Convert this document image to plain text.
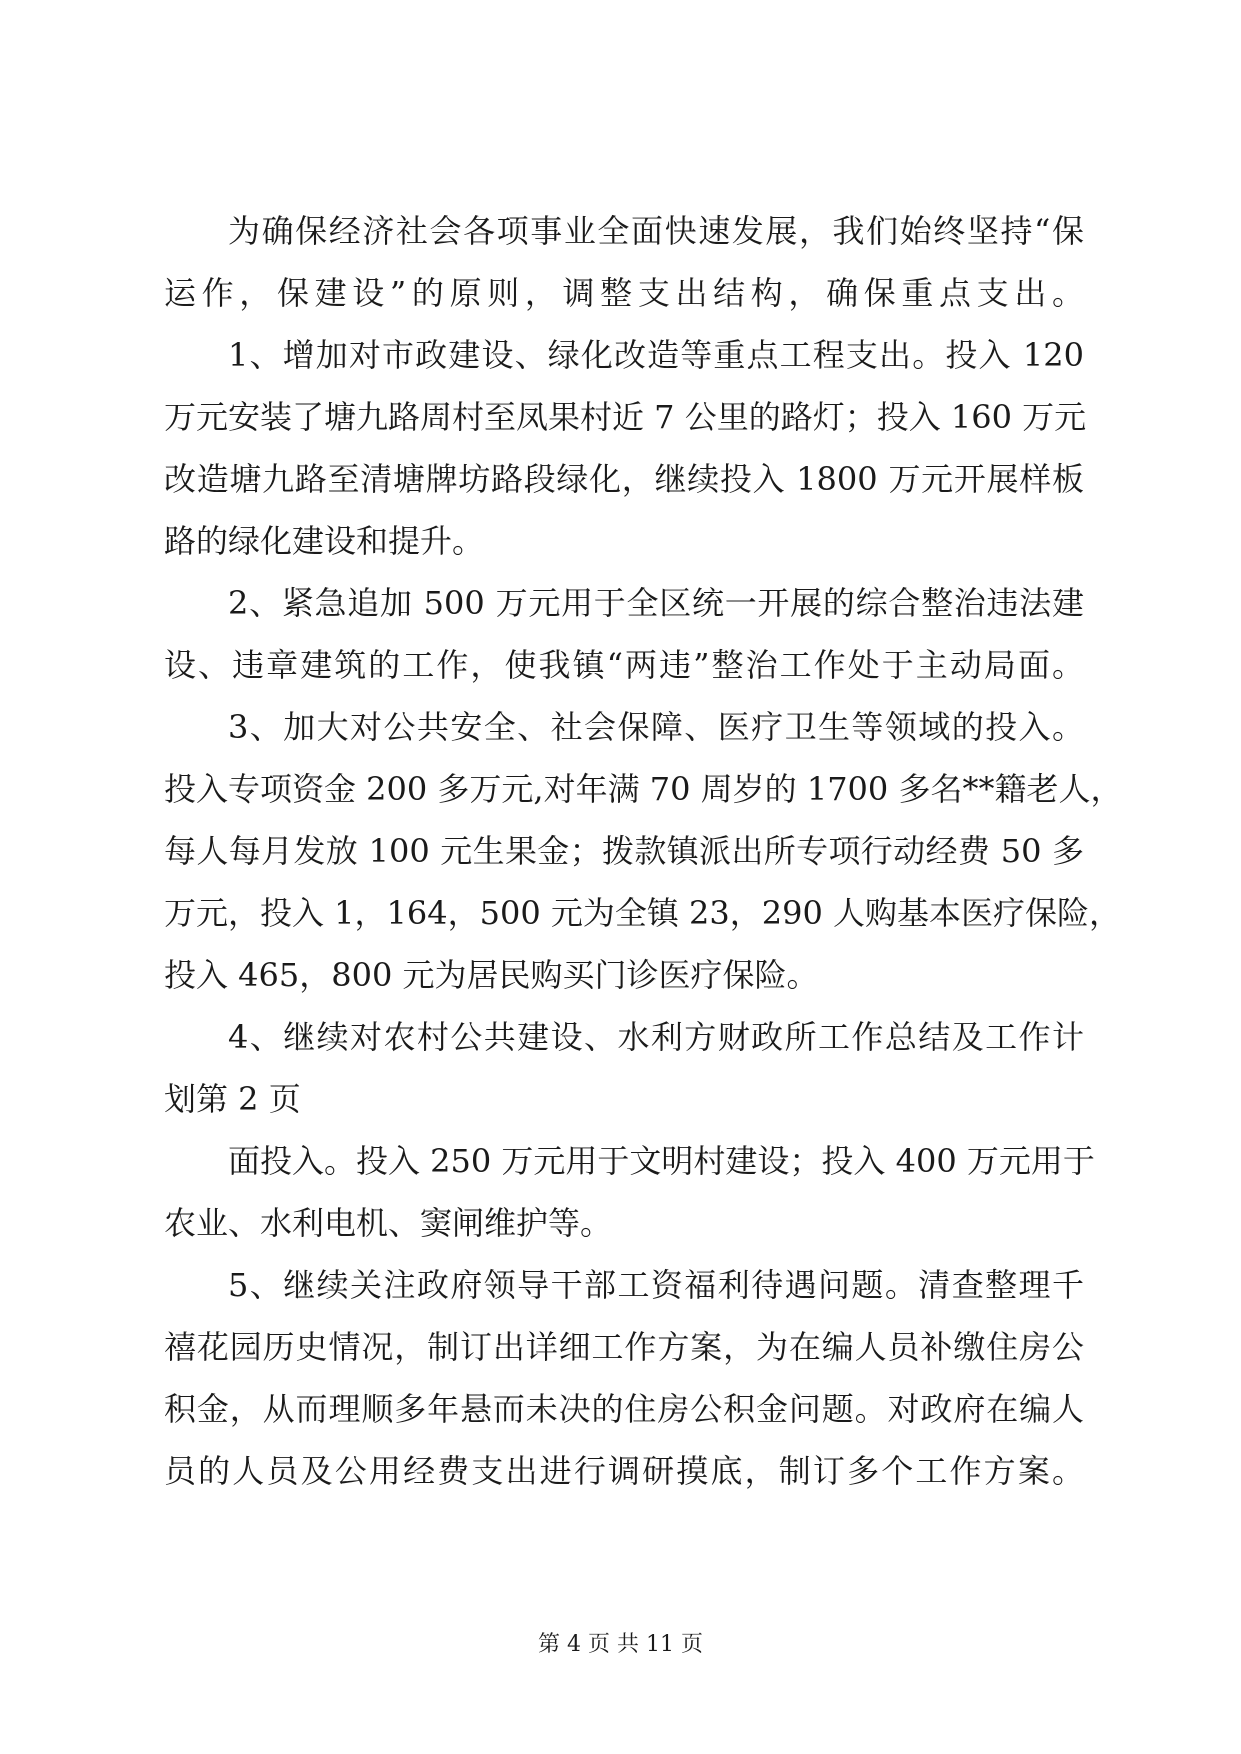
为确保经济社会各项事业全面快速发展，我们始终坚持“保
运作，保建设”的原则，调整支出结构，确保重点支出。
1、增加对市政建设、绿化改造等重点工程支出。投入 120
万元安装了塘九路周村至凤果村近 7 公里的路灯；投入 160 万元
改造塘九路至清塘牌坊路段绿化，继续投入 1800 万元开展样板
路的绿化建设和提升。
2、紧急追加 500 万元用于全区统一开展的综合整治违法建
设、违章建筑的工作，使我镇“两违”整治工作处于主动局面。
3、加大对公共安全、社会保障、医疗卫生等领域的投入。
投入专项资金 200 多万元,对年满 70 周岁的 1700 多名**籍老人，
每人每月发放 100 元生果金；拨款镇派出所专项行动经费 50 多
万元，投入 1，164，500 元为全镇 23，290 人购基本医疗保险，
投入 465，800 元为居民购买门诊医疗保险。
4、继续对农村公共建设、水利方财政所工作总结及工作计
划第 2 页
面投入。投入 250 万元用于文明村建设；投入 400 万元用于
农业、水利电机、窦闸维护等。
5、继续关注政府领导干部工资福利待遇问题。清查整理千
禧花园历史情况，制订出详细工作方案，为在编人员补缴住房公
积金，从而理顺多年悬而未决的住房公积金问题。对政府在编人
员的人员及公用经费支出进行调研摸底，制订多个工作方案。
第 4 页 共 11 页
